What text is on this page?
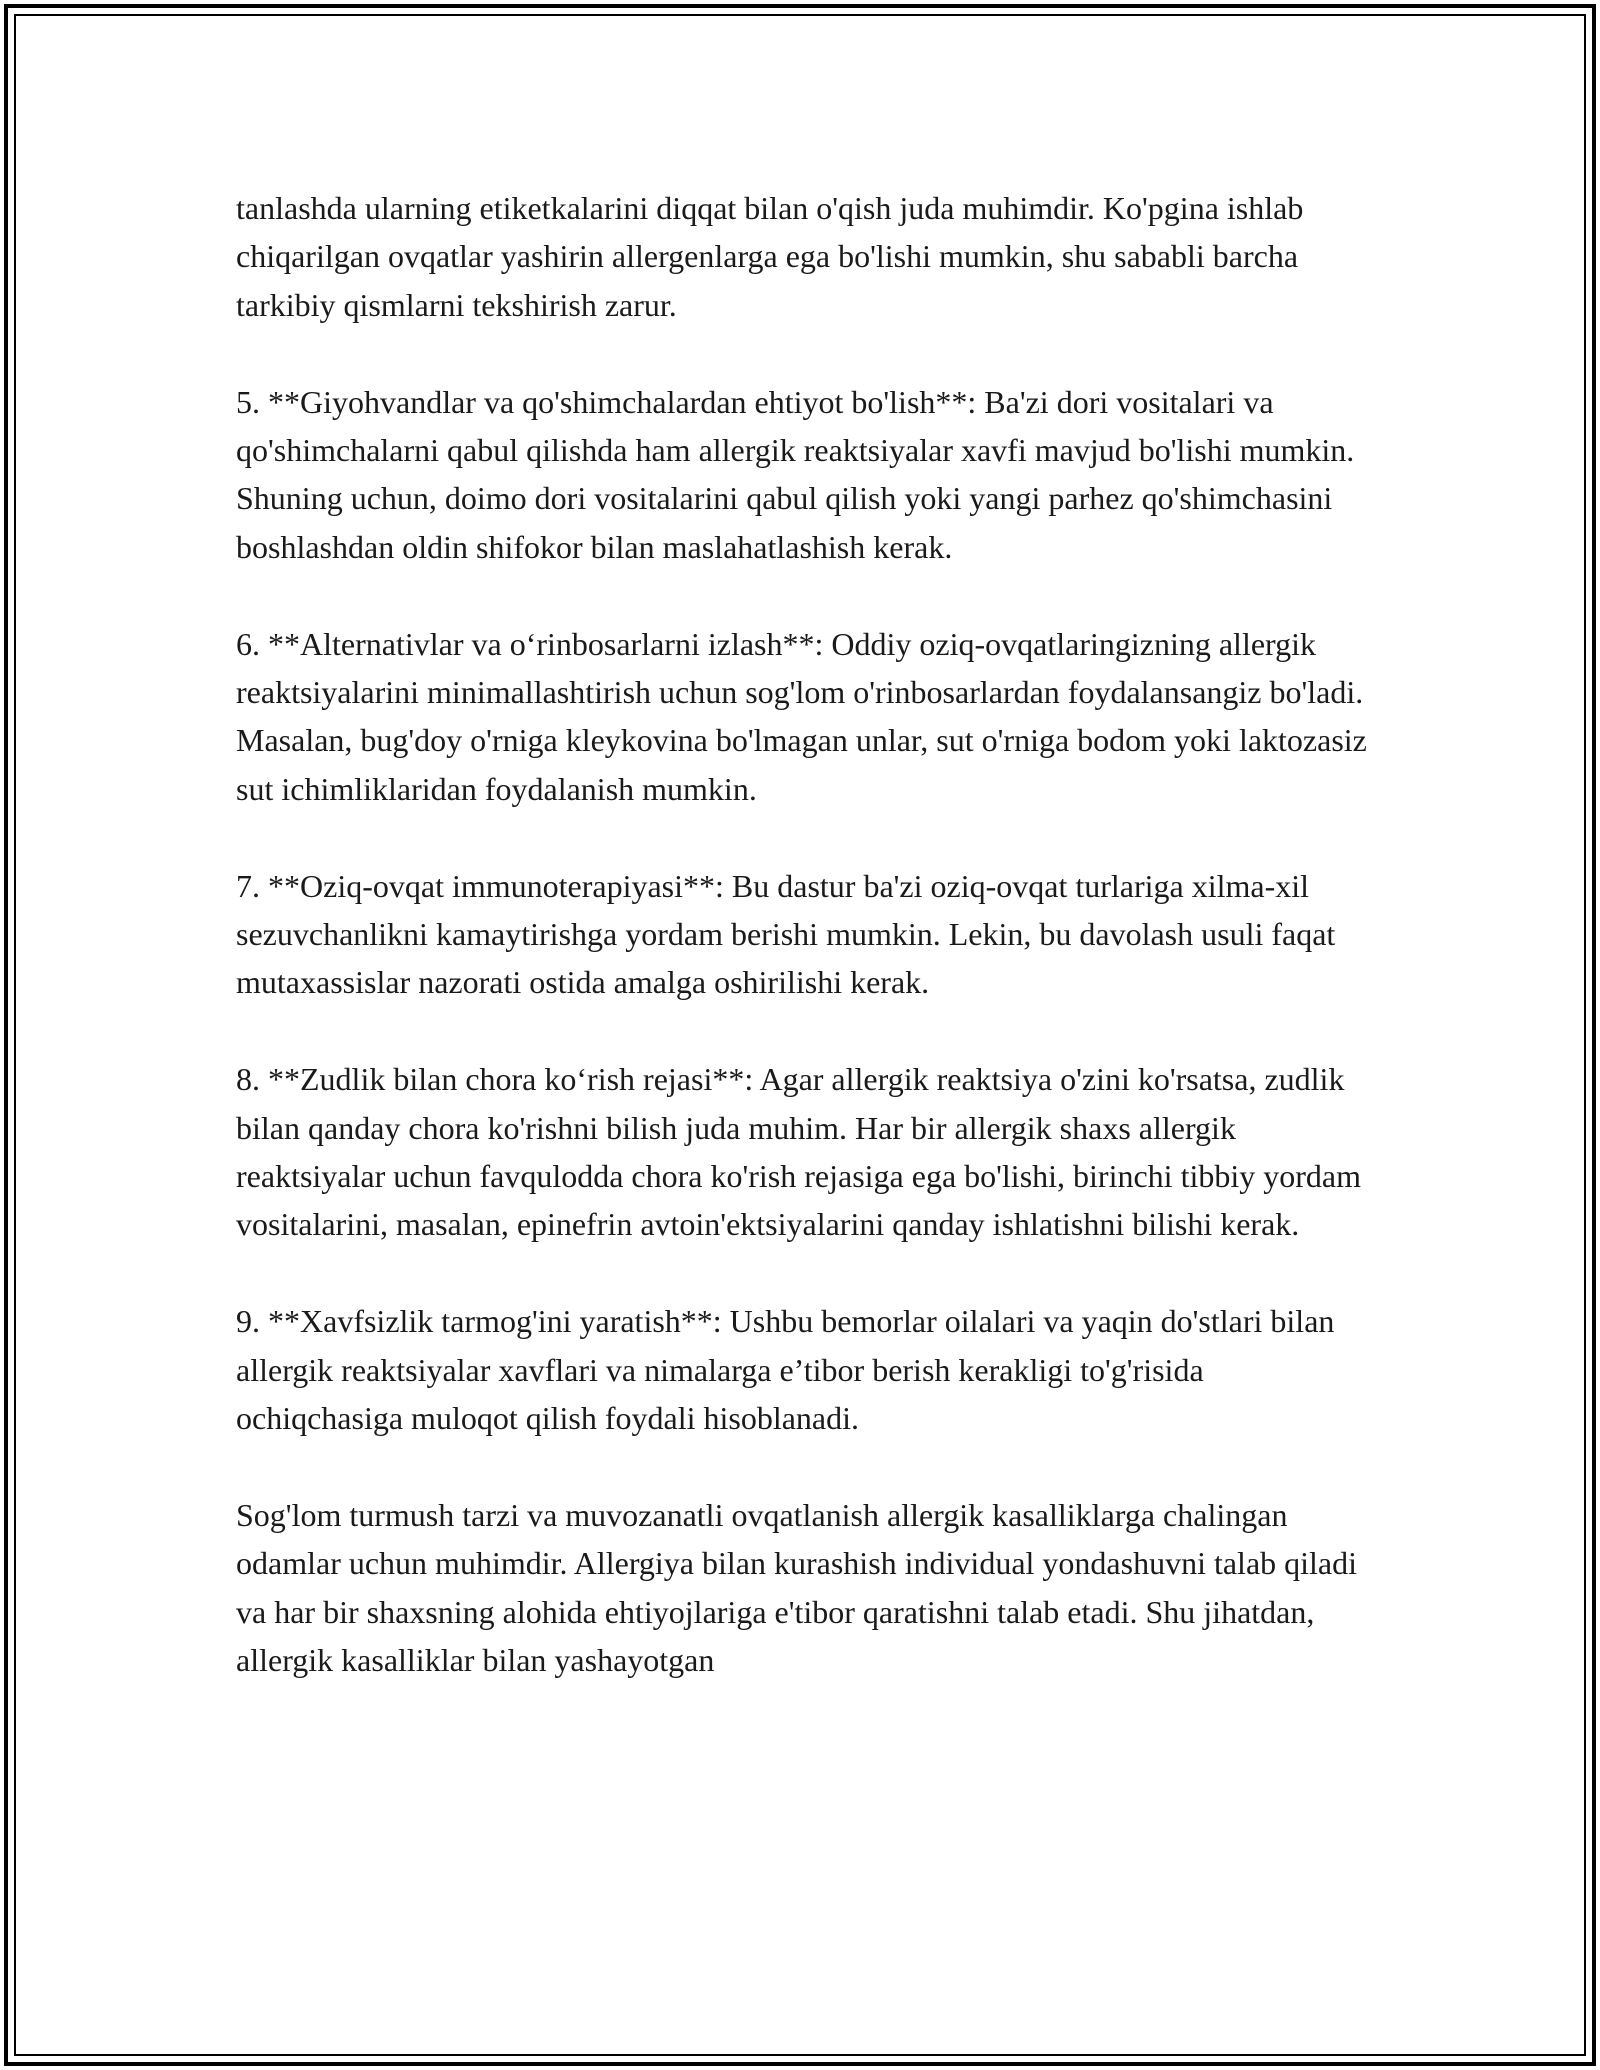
tanlashda ularning etiketkalarini diqqat bilan o'qish juda muhimdir. Ko'pgina ishlab chiqarilgan ovqatlar yashirin allergenlarga ega bo'lishi mumkin, shu sababli barcha tarkibiy qismlarni tekshirish zarur.

5. **Giyohvandlar va qo'shimchalardan ehtiyot bo'lish**: Ba'zi dori vositalari va qo'shimchalarni qabul qilishda ham allergik reaktsiyalar xavfi mavjud bo'lishi mumkin. Shuning uchun, doimo dori vositalarini qabul qilish yoki yangi parhez qo'shimchasini boshlashdan oldin shifokor bilan maslahatlashish kerak.

6. **Alternativlar va o‘rinbosarlarni izlash**: Oddiy oziq-ovqatlaringizning allergik reaktsiyalarini minimallashtirish uchun sog'lom o'rinbosarlardan foydalansangiz bo'ladi. Masalan, bug'doy o'rniga kleykovina bo'lmagan unlar, sut o'rniga bodom yoki laktozasiz sut ichimliklaridan foydalanish mumkin.

7. **Oziq-ovqat immunoterapiyasi**: Bu dastur ba'zi oziq-ovqat turlariga xilma-xil sezuvchanlikni kamaytirishga yordam berishi mumkin. Lekin, bu davolash usuli faqat mutaxassislar nazorati ostida amalga oshirilishi kerak.

8. **Zudlik bilan chora ko‘rish rejasi**: Agar allergik reaktsiya o'zini ko'rsatsa, zudlik bilan qanday chora ko'rishni bilish juda muhim. Har bir allergik shaxs allergik reaktsiyalar uchun favqulodda chora ko'rish rejasiga ega bo'lishi, birinchi tibbiy yordam vositalarini, masalan, epinefrin avtoin'ektsiyalarini qanday ishlatishni bilishi kerak.

9. **Xavfsizlik tarmog'ini yaratish**: Ushbu bemorlar oilalari va yaqin do'stlari bilan allergik reaktsiyalar xavflari va nimalarga e’tibor berish kerakligi to'g'risida ochiqchasiga muloqot qilish foydali hisoblanadi.

Sog'lom turmush tarzi va muvozanatli ovqatlanish allergik kasalliklarga chalingan odamlar uchun muhimdir. Allergiya bilan kurashish individual yondashuvni talab qiladi va har bir shaxsning alohida ehtiyojlariga e'tibor qaratishni talab etadi. Shu jihatdan, allergik kasalliklar bilan yashayotgan
